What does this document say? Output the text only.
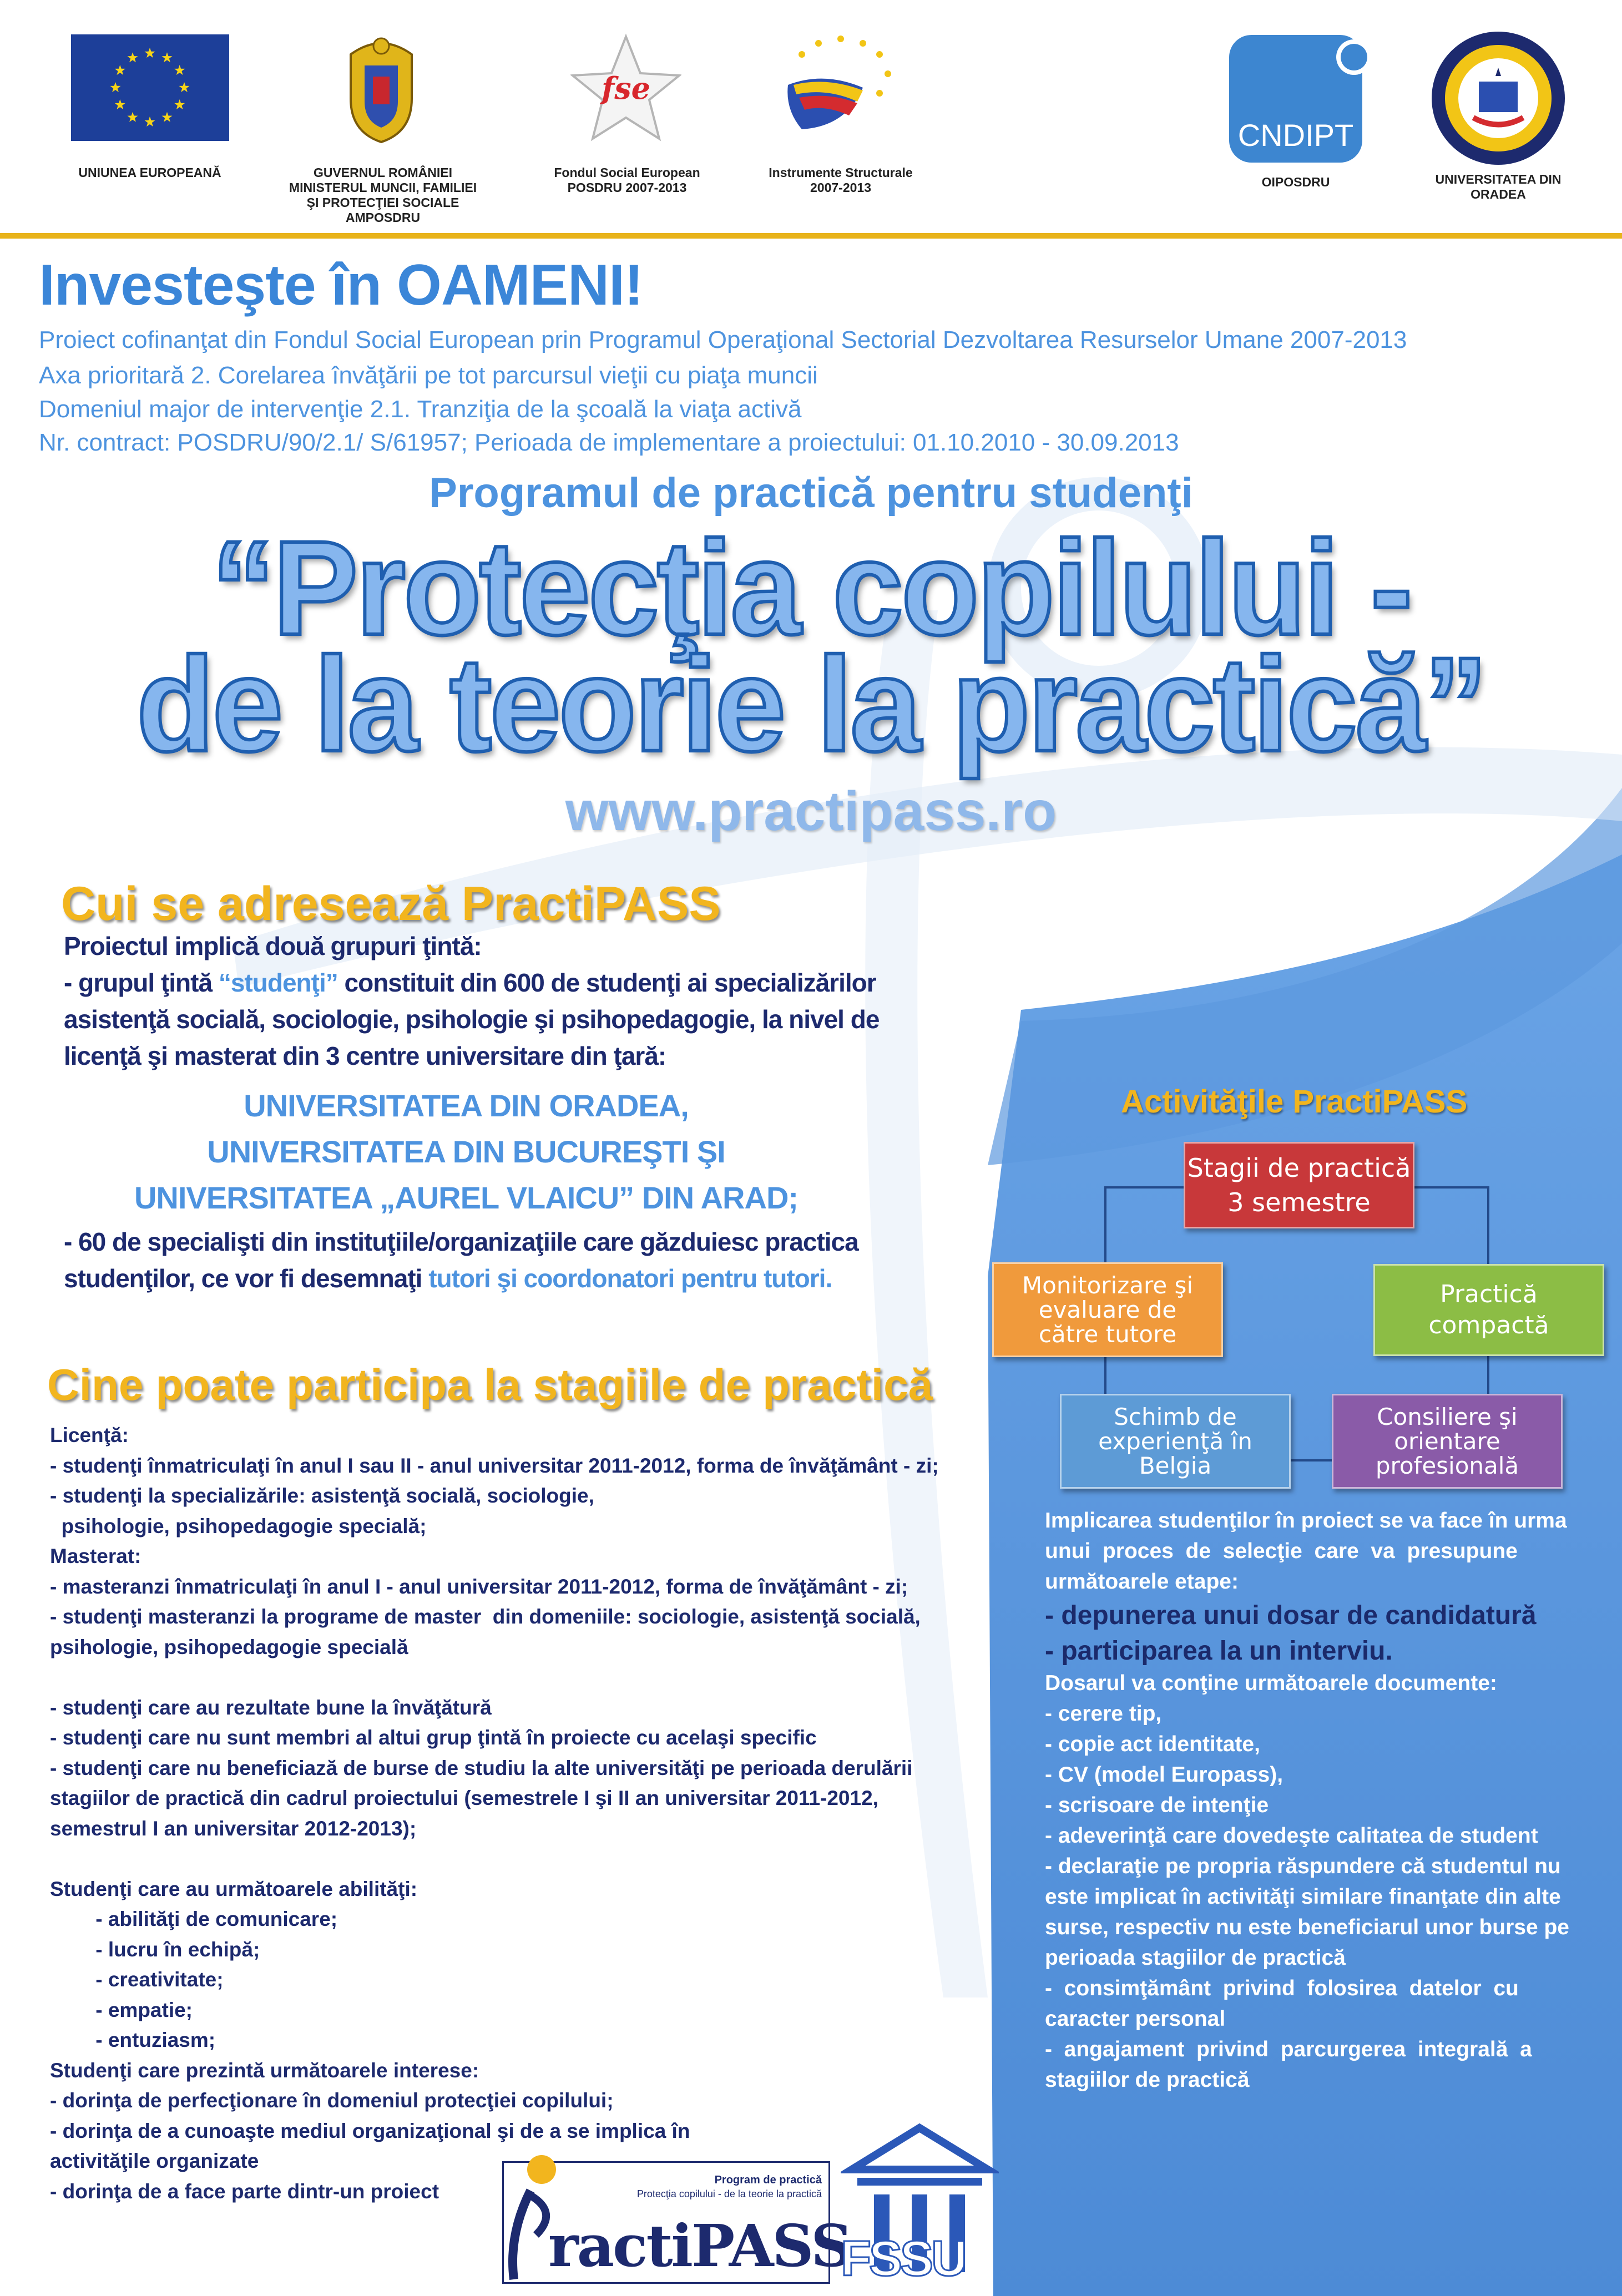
UNIUNEA EUROPEANĂ	GUVERNUL ROMÂNIEI
MINISTERUL MUNCII, FAMILIEI
ŞI PROTECŢIEI SOCIALE
AMPOSDRU
fse
Fondul Social European
POSDRU 2007-2013
Instrumente Structurale
2007-2013
CNDIPT
OIPOSDRU	UNIVERSITATEA DIN
ORADEA
Investeşte în OAMENI!
Proiect cofinanţat din Fondul Social European prin Programul Operaţional Sectorial Dezvoltarea Resurselor Umane 2007-2013
Axa prioritară 2. Corelarea învăţării pe tot parcursul vieţii cu piaţa muncii
Domeniul major de intervenţie 2.1. Tranziţia de la şcoală la viaţa activă
Nr. contract: POSDRU/90/2.1/ S/61957; Perioada de implementare a proiectului: 01.10.2010 - 30.09.2013
Programul de practică pentru studenţi
“Protecţia copilului -
de la teorie la practică”
www.practipass.ro
Cui se adresează PractiPASS
Proiectul implică două grupuri ţintă:
- grupul ţintă “studenţi” constituit din 600 de studenţi ai specializărilor
asistenţă socială, sociologie, psihologie şi psihopedagogie, la nivel de
licenţă şi masterat din 3 centre universitare din ţară:
UNIVERSITATEA DIN ORADEA,
UNIVERSITATEA DIN BUCUREŞTI ŞI
UNIVERSITATEA „AUREL VLAICU” DIN ARAD;
- 60 de specialişti din instituţiile/organizaţiile care găzduiesc practica
studenţilor, ce vor fi desemnaţi tutori şi coordonatori pentru tutori.
Cine poate participa la stagiile de practică
Licenţă:
- studenţi înmatriculaţi în anul I sau II - anul universitar 2011-2012, forma de învăţământ - zi;
- studenţi la specializările: asistenţă socială, sociologie,
psihologie, psihopedagogie specială;
Masterat:
- masteranzi înmatriculaţi în anul I - anul universitar 2011-2012, forma de învăţământ - zi;
- studenţi masteranzi la programe de master  din domeniile: sociologie, asistenţă socială,
psihologie, psihopedagogie specială
- studenţi care au rezultate bune la învăţătură
- studenţi care nu sunt membri al altui grup ţintă în proiecte cu acelaşi specific
- studenţi care nu beneficiază de burse de studiu la alte universităţi pe perioada derulării
stagiilor de practică din cadrul proiectului (semestrele I şi II an universitar 2011-2012,
semestrul I an universitar 2012-2013);
Studenţi care au următoarele abilităţi:
- abilităţi de comunicare;
- lucru în echipă;
- creativitate;
- empatie;
- entuziasm;
Studenţi care prezintă următoarele interese:
- dorinţa de perfecţionare în domeniul protecţiei copilului;
- dorinţa de a cunoaşte mediul organizaţional şi de a se implica în
activităţile organizate
- dorinţa de a face parte dintr-un proiect
Activităţile PractiPASS
Stagii de practică
3 semestre
Monitorizare şi
evaluare de
către tutore
Practică
compactă
Schimb de
experienţă în
Belgia
Consiliere şi
orientare
profesională
Implicarea studenţilor în proiect se va face în urma
unui  proces  de  selecţie  care  va  presupune
următoarele etape:
- depunerea unui dosar de candidatură
- participarea la un interviu.
Dosarul va conţine următoarele documente:
- cerere tip,
- copie act identitate,
- CV (model Europass),
- scrisoare de intenţie
- adeverinţă care dovedeşte calitatea de student
- declaraţie pe propria răspundere că studentul nu
este implicat în activităţi similare finanţate din alte
surse, respectiv nu este beneficiarul unor burse pe
perioada stagiilor de practică
-  consimţământ  privind  folosirea  datelor  cu
caracter personal
-  angajament  privind  parcurgerea  integrală  a
stagiilor de practică
Program de practică
Protecţia copilului - de la teorie la practică
ractiPASS
FSSU
